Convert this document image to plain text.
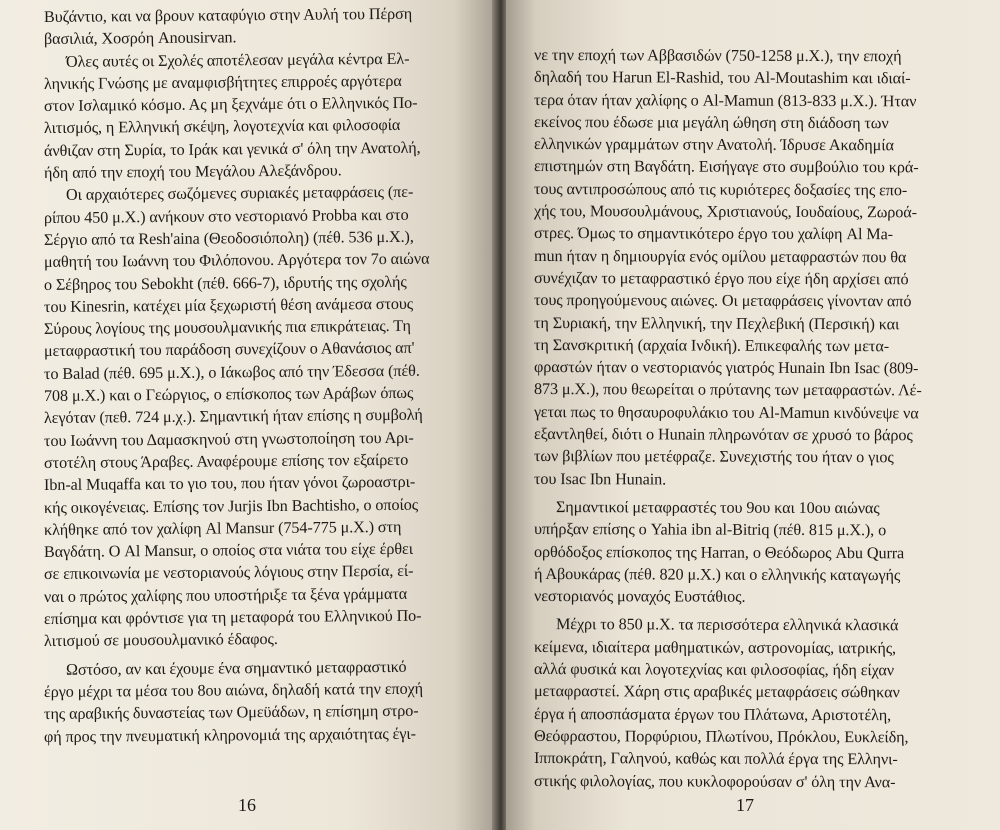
Βυζάντιο, και να βρουν καταφύγιο στην Αυλή του Πέρση
βασιλιά, Χοσρόη Anousirvan.
Όλες αυτές οι Σχολές αποτέλεσαν μεγάλα κέντρα Ελ-
ληνικής Γνώσης με αναμφισβήτητες επιρροές αργότερα
στον Ισλαμικό κόσμο. Ας μη ξεχνάμε ότι ο Ελληνικός Πο-
λιτισμός, η Ελληνική σκέψη, λογοτεχνία και φιλοσοφία
άνθιζαν στη Συρία, το Ιράκ και γενικά σ' όλη την Ανατολή,
ήδη από την εποχή του Μεγάλου Αλεξάνδρου.
Οι αρχαιότερες σωζόμενες συριακές μεταφράσεις (πε-
ρίπου 450 μ.Χ.) ανήκουν στο νεστοριανό Probba και στο
Σέργιο από τα Resh'aina (Θεοδοσιόπολη) (πέθ. 536 μ.Χ.),
μαθητή του Ιωάννη του Φιλόπονου. Αργότερα τον 7ο αιώνα
ο Σέβηρος του Sebokht (πέθ. 666-7), ιδρυτής της σχολής
του Kinesrin, κατέχει μία ξεχωριστή θέση ανάμεσα στους
Σύρους λογίους της μουσουλμανικής πια επικράτειας. Τη
μεταφραστική του παράδοση συνεχίζουν ο Αθανάσιος απ'
το Balad (πέθ. 695 μ.Χ.), ο Ιάκωβος από την Έδεσσα (πέθ.
708 μ.Χ.) και ο Γεώργιος, ο επίσκοπος των Αράβων όπως
λεγόταν (πεθ. 724 μ.χ.). Σημαντική ήταν επίσης η συμβολή
του Ιωάννη του Δαμασκηνού στη γνωστοποίηση του Αρι-
στοτέλη στους Άραβες. Αναφέρουμε επίσης τον εξαίρετο
Ibn-al Muqaffa και το γιο του, που ήταν γόνοι ζωροαστρι-
κής οικογένειας. Επίσης τον Jurjis Ibn Bachtisho, ο οποίος
κλήθηκε από τον χαλίφη Al Mansur (754-775 μ.Χ.) στη
Βαγδάτη. Ο Al Mansur, ο οποίος στα νιάτα του είχε έρθει
σε επικοινωνία με νεστοριανούς λόγιους στην Περσία, εί-
ναι ο πρώτος χαλίφης που υποστήριξε τα ξένα γράμματα
επίσημα και φρόντισε για τη μεταφορά του Ελληνικού Πο-
λιτισμού σε μουσουλμανικό έδαφος.
Ωστόσο, αν και έχουμε ένα σημαντικό μεταφραστικό
έργο μέχρι τα μέσα του 8ου αιώνα, δηλαδή κατά την εποχή
της αραβικής δυναστείας των Ομεϋάδων, η επίσημη στρο-
φή προς την πνευματική κληρονομιά της αρχαιότητας έγι-
16
νε την εποχή των Αββασιδών (750-1258 μ.Χ.), την εποχή
δηλαδή του Harun El-Rashid, του Al-Moutashim και ιδιαί-
τερα όταν ήταν χαλίφης ο Al-Mamun (813-833 μ.Χ.). Ήταν
εκείνος που έδωσε μια μεγάλη ώθηση στη διάδοση των
ελληνικών γραμμάτων στην Ανατολή. Ίδρυσε Ακαδημία
επιστημών στη Βαγδάτη. Εισήγαγε στο συμβούλιο του κρά-
τους αντιπροσώπους από τις κυριότερες δοξασίες της επο-
χής του, Μουσουλμάνους, Χριστιανούς, Ιουδαίους, Ζωροά-
στρες. Όμως το σημαντικότερο έργο του χαλίφη Al Ma-
mun ήταν η δημιουργία ενός ομίλου μεταφραστών που θα
συνέχιζαν το μεταφραστικό έργο που είχε ήδη αρχίσει από
τους προηγούμενους αιώνες. Οι μεταφράσεις γίνονταν από
τη Συριακή, την Ελληνική, την Πεχλεβική (Περσική) και
τη Σανσκριτική (αρχαία Ινδική). Επικεφαλής των μετα-
φραστών ήταν ο νεστοριανός γιατρός Hunain Ibn Isac (809-
873 μ.Χ.), που θεωρείται ο πρύτανης των μεταφραστών. Λέ-
γεται πως το θησαυροφυλάκιο του Al-Mamun κινδύνεψε να
εξαντληθεί, διότι ο Hunain πληρωνόταν σε χρυσό το βάρος
των βιβλίων που μετέφραζε. Συνεχιστής του ήταν ο γιος
του Isac Ibn Hunain.
Σημαντικοί μεταφραστές του 9ου και 10ου αιώνας
υπήρξαν επίσης ο Yahia ibn al-Bitriq (πέθ. 815 μ.Χ.), ο
ορθόδοξος επίσκοπος της Harran, ο Θεόδωρος Abu Qurra
ή Αβουκάρας (πέθ. 820 μ.Χ.) και ο ελληνικής καταγωγής
νεστοριανός μοναχός Ευστάθιος.
Μέχρι το 850 μ.Χ. τα περισσότερα ελληνικά κλασικά
κείμενα, ιδιαίτερα μαθηματικών, αστρονομίας, ιατρικής,
αλλά φυσικά και λογοτεχνίας και φιλοσοφίας, ήδη είχαν
μεταφραστεί. Χάρη στις αραβικές μεταφράσεις σώθηκαν
έργα ή αποσπάσματα έργων του Πλάτωνα, Αριστοτέλη,
Θεόφραστου, Πορφύριου, Πλωτίνου, Πρόκλου, Ευκλείδη,
Ιπποκράτη, Γαληνού, καθώς και πολλά έργα της Ελληνι-
στικής φιλολογίας, που κυκλοφορούσαν σ' όλη την Ανα-
17
